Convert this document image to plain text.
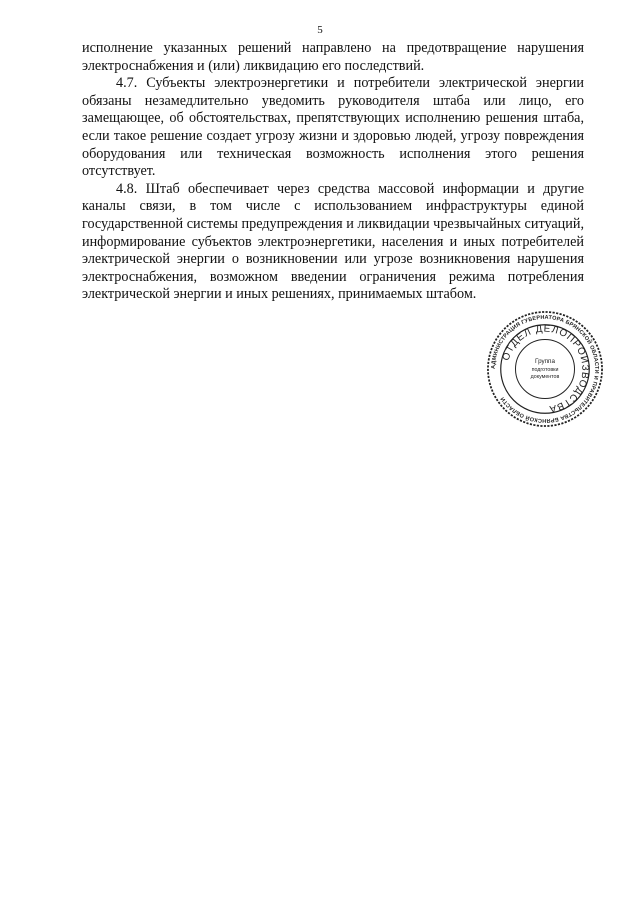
5

исполнение указанных решений направлено на предотвращение нарушения электроснабжения и (или) ликвидацию его последствий.

4.7. Субъекты электроэнергетики и потребители электрической энергии обязаны незамедлительно уведомить руководителя штаба или лицо, его замещающее, об обстоятельствах, препятствующих исполнению решения штаба, если такое решение создает угрозу жизни и здоровью людей, угрозу повреждения оборудования или техническая возможность исполнения этого решения отсутствует.

4.8. Штаб обеспечивает через средства массовой информации и другие каналы связи, в том числе с использованием инфраструктуры единой государственной системы предупреждения и ликвидации чрезвычайных ситуаций, информирование субъектов электроэнергетики, населения и иных потребителей электрической энергии о возникновении или угрозе возникновения нарушения электроснабжения, возможном введении ограничения режима потребления электрической энергии и иных решениях, принимаемых штабом.

АДМИНИСТРАЦИЯ ГУБЕРНАТОРА БРЯНСКОЙ ОБЛАСТИ И ПРАВИТЕЛЬСТВА БРЯНСКОЙ ОБЛАСТИ
ОТДЕЛ ДЕЛОПРОИЗВОДСТВА
Группа
подготовки
документов
